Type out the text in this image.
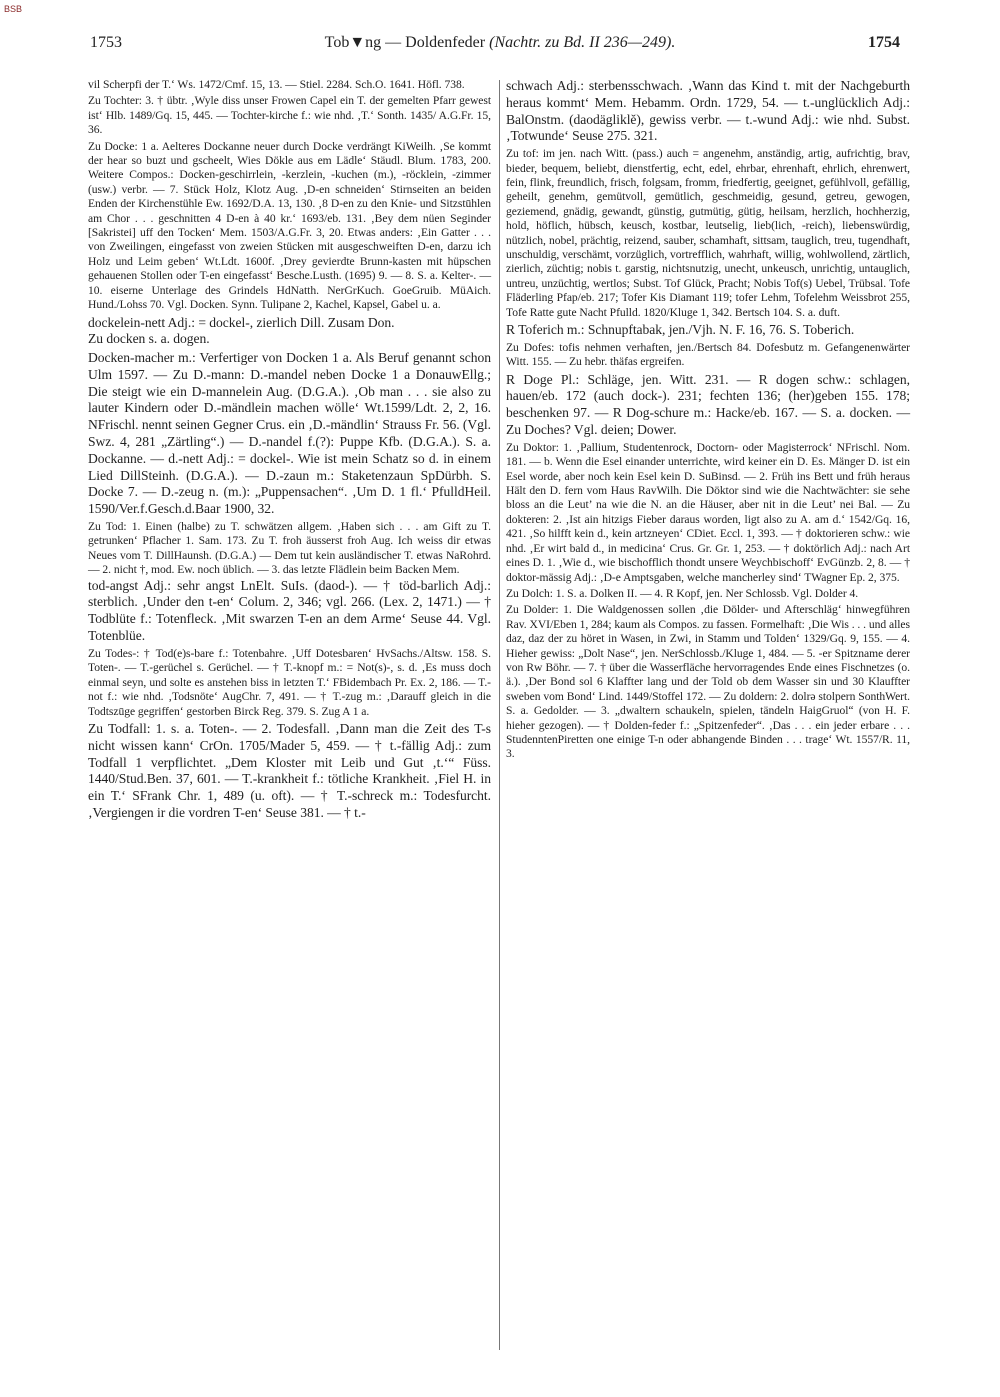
BSB
1753	Tob▼ng — Doldenfeder (Nachtr. zu Bd. II 236—249).	1754

vil Scherpfi der T.‘ Ws. 1472/Cmf. 15, 13. — Stiel. 2284. Sch.O. 1641. Höfl. 738.

Zu Tochter: 3. † übtr. ‚Wyle diss unser Frowen Capel ein T. der gemelten Pfarr gewest ist‘ Hlb. 1489/Gq. 15, 445. — Tochter-kirche f.: wie nhd. ‚T.‘ Sonth. 1435/ A.G.Fr. 15, 36.

Zu Docke: 1 a. Aelteres Dockanne neuer durch Docke verdrängt KiWeilh. ‚Se kommt der hear so buzt und gscheelt, Wies Dökle aus em Lädle‘ Stäudl. Blum. 1783, 200. Weitere Compos.: Docken-geschirrlein, -kerzlein, -kuchen (m.), -röcklein, -zimmer (usw.) verbr. — 7. Stück Holz, Klotz Aug. ‚D-en schneiden‘ Stirnseiten an beiden Enden der Kirchenstühle Ew. 1692/D.A. 13, 130. ‚8 D-en zu den Knie- und Sitzstūhlen am Chor . . . geschnitten 4 D-en à 40 kr.‘ 1693/eb. 131. ‚Bey dem nüen Seginder [Sakristei] uff den Tocken‘ Mem. 1503/A.G.Fr. 3, 20. Etwas anders: ‚Ein Gatter . . . von Zweilingen, eingefasst von zweien Stücken mit ausgeschweiften D-en, darzu ich Holz und Leim geben‘ Wt.Ldt. 1600f. ‚Drey gevierdte Brunn-kasten mit hüpschen gehauenen Stollen oder T-en eingefasst‘ Besche.Lusth. (1695) 9. — 8. S. a. Kelter-. — 10. eiserne Unterlage des Grindels HdNatth. NerGrKuch. GoeGruib. MüAich. Hund./Lohss 70. Vgl. Docken. Synn. Tulipane 2, Kachel, Kapsel, Gabel u. a.

dockelein-nett Adj.: = dockel-, zierlich Dill. Zusam Don.

Zu docken s. a. dogen.

Docken-macher m.: Verfertiger von Docken 1 a. Als Beruf genannt schon Ulm 1597. — Zu D.-mann: D.-mandel neben Docke 1 a DonauwEllg.; Die steigt wie ein D-mannelein Aug. (D.G.A.). ‚Ob man . . . sie also zu lauter Kindern oder D.-mändlein machen wölle‘ Wt.1599/Ldt. 2, 2, 16. NFrischl. nennt seinen Gegner Crus. ein ‚D.-mändlin‘ Strauss Fr. 56. (Vgl. Swz. 4, 281 „Zärtling“.) — D.-nandel f.(?): Puppe Kfb. (D.G.A.). S. a. Dockanne. — d.-nett Adj.: = dockel-. Wie ist mein Schatz so d. in einem Lied DillSteinh. (D.G.A.). — D.-zaun m.: Staketenzaun SpDürbh. S. Docke 7. — D.-zeug n. (m.): „Puppensachen“. ‚Um D. 1 fl.‘ PfulldHeil. 1590/Ver.f.Gesch.d.Baar 1900, 32.

Zu Tod: 1. Einen (halbe) zu T. schwätzen allgem. ‚Haben sich . . . am Gift zu T. getrunken‘ Pflacher 1. Sam. 173. Zu T. froh äusserst froh Aug. Ich weiss dir etwas Neues vom T. DillHaunsh. (D.G.A.) — Dem tut kein ausländischer T. etwas NaRohrd. — 2. nicht †, mod. Ew. noch üblich. — 3. das letzte Flädlein beim Backen Mem.

tod-angst Adj.: sehr angst LnElt. SuIs. (daod-). — † töd-barlich Adj.: sterblich. ‚Under den t-en‘ Colum. 2, 346; vgl. 266. (Lex. 2, 1471.) — † Todblüte f.: Totenfleck. ‚Mit swarzen T-en an dem Arme‘ Seuse 44. Vgl. Totenblüe.

Zu Todes-: † Tod(e)s-bare f.: Totenbahre. ‚Uff Dotesbaren‘ HvSachs./Altsw. 158. S. Toten-. — T.-gerüchel s. Gerüchel. — † T.-knopf m.: = Not(s)-, s. d. ‚Es muss doch einmal seyn, und solte es anstehen biss in letzten T.‘ FBidembach Pr. Ex. 2, 186. — T.-not f.: wie nhd. ‚Todsnöte‘ AugChr. 7, 491. — † T.-zug m.: ‚Darauff gleich in die Todtszūge gegriffen‘ gestorben Birck Reg. 379. S. Zug A 1 a.

Zu Todfall: 1. s. a. Toten-. — 2. Todesfall. ‚Dann man die Zeit des T-s nicht wissen kann‘ CrOn. 1705/Mader 5, 459. — † t.-fällig Adj.: zum Todfall 1 verpflichtet. „Dem Kloster mit Leib und Gut ‚t.‘“ Füss. 1440/Stud.Ben. 37, 601. — T.-krankheit f.: tötliche Krankheit. ‚Fiel H. in ein T.‘ SFrank Chr. 1, 489 (u. oft). — † T.-schreck m.: Todesfurcht. ‚Vergiengen ir die vordren T-en‘ Seuse 381. — † t.-

schwach Adj.: sterbensschwach. ‚Wann das Kind t. mit der Nachgeburth heraus kommt‘ Mem. Hebamm. Ordn. 1729, 54. — t.-unglücklich Adj.: BalOnstm. (daodägliklĕ), gewiss verbr. — t.-wund Adj.: wie nhd. Subst. ‚Totwunde‘ Seuse 275. 321.

Zu tof: im jen. nach Witt. (pass.) auch = angenehm, anständig, artig, aufrichtig, brav, bieder, bequem, beliebt, dienstfertig, echt, edel, ehrbar, ehrenhaft, ehrlich, ehrenwert, fein, flink, freundlich, frisch, folgsam, fromm, friedfertig, geeignet, gefühlvoll, gefällig, geheilt, genehm, gemütvoll, gemütlich, geschmeidig, gesund, getreu, gewogen, geziemend, gnädig, gewandt, günstig, gutmütig, gütig, heilsam, herzlich, hochherzig, hold, höflich, hübsch, keusch, kostbar, leutselig, lieb(lich, -reich), liebenswürdig, nützlich, nobel, prächtig, reizend, sauber, schamhaft, sittsam, tauglich, treu, tugendhaft, unschuldig, verschämt, vorzüglich, vortrefflich, wahrhaft, willig, wohlwollend, zärtlich, zierlich, züchtig; nobis t. garstig, nichtsnutzig, unecht, unkeusch, unrichtig, untauglich, untreu, unzüchtig, wertlos; Subst. Tof Glück, Pracht; Nobis Tof(s) Uebel, Trübsal. Tofe Fläderling Pfap/eb. 217; Tofer Kis Diamant 119; tofer Lehm, Tofelehm Weissbrot 255, Tofe Ratte gute Nacht Pfulld. 1820/Kluge 1, 342. Bertsch 104. S. a. duft.

R Toferich m.: Schnupftabak, jen./Vjh. N. F. 16, 76. S. Toberich.

Zu Dofes: tofis nehmen verhaften, jen./Bertsch 84. Dofesbutz m. Gefangenenwärter Witt. 155. — Zu hebr. thäfas ergreifen.

R Doge Pl.: Schläge, jen. Witt. 231. — R dogen schw.: schlagen, hauen/eb. 172 (auch dock-). 231; fechten 136; (her)geben 155. 178; beschenken 97. — R Dog-schure m.: Hacke/eb. 167. — S. a. docken. — Zu Doches? Vgl. deien; Dower.

Zu Doktor: 1. ‚Pallium, Studentenrock, Doctorn- oder Magisterrock‘ NFrischl. Nom. 181. — b. Wenn die Esel einander unterrichte, wird keiner ein D. Es. Mänger D. ist ein Esel worde, aber noch kein Esel kein D. SuBinsd. — 2. Früh ins Bett und früh heraus Hält den D. fern vom Haus RavWilh. Die Döktor sind wie die Nachtwächter: sie sehe bloss an die Leut’ na wie die N. an die Häuser, aber nit in die Leut’ nei Bal. — Zu dokteren: 2. ‚Ist ain hitzigs Fieber daraus worden, ligt also zu A. am d.‘ 1542/Gq. 16, 421. ‚So hilfft kein d., kein artzneyen‘ CDiet. Eccl. 1, 393. — † doktorieren schw.: wie nhd. ‚Er wirt bald d., in medicina‘ Crus. Gr. Gr. 1, 253. — † doktörlich Adj.: nach Art eines D. 1. ‚Wie d., wie bischofflich thondt unsere Weychbischoff‘ EvGünzb. 2, 8. — † doktor-mässig Adj.: ‚D-e Amptsgaben, welche mancherley sind‘ TWagner Ep. 2, 375.

Zu Dolch: 1. S. a. Dolken II. — 4. R Kopf, jen. Ner Schlossb. Vgl. Dolder 4.

Zu Dolder: 1. Die Waldgenossen sollen ‚die Dölder- und Afterschläg‘ hinwegführen Rav. XVI/Eben 1, 284; kaum als Compos. zu fassen. Formelhaft: ‚Die Wis . . . und alles daz, daz der zu höret in Wasen, in Zwi, in Stamm und Tolden‘ 1329/Gq. 9, 155. — 4. Hieher gewiss: „Dolt Nase“, jen. NerSchlossb./Kluge 1, 484. — 5. -er Spitzname derer von Rw Böhr. — 7. † über die Wasserfläche hervorragendes Ende eines Fischnetzes (o. ä.). ‚Der Bond sol 6 Klaffter lang und der Told ob dem Wasser sin und 30 Klauffter sweben vom Bond‘ Lind. 1449/Stoffel 172. — Zu doldern: 2. dolrə stolpern SonthWert. S. a. Gedolder. — 3. „dwaltern schaukeln, spielen, tändeln HaigGruol“ (von H. F. hieher gezogen). — † Dolden-feder f.: „Spitzenfeder“. ‚Das . . . ein jeder erbare . . . StudenntenPiretten one einige T-n oder abhangende Binden . . . trage‘ Wt. 1557/R. 11, 3.
